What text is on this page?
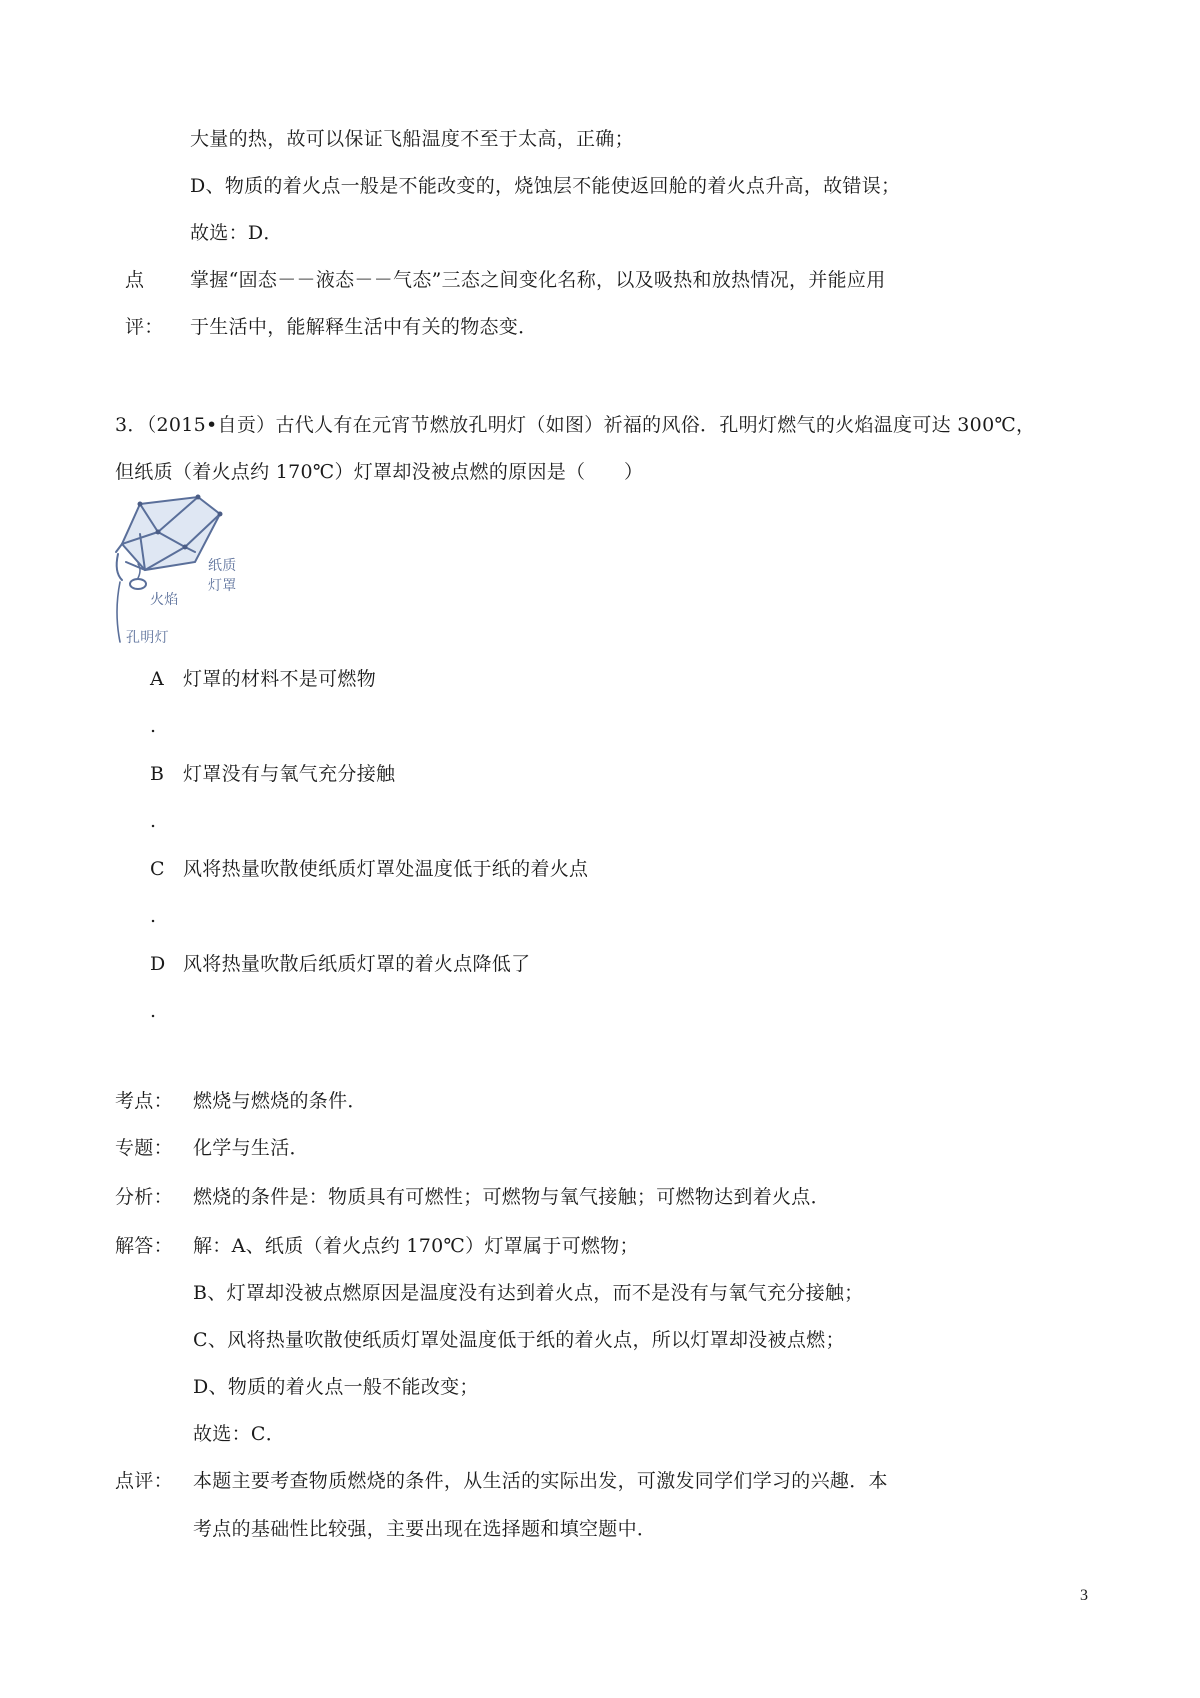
大量的热，故可以保证飞船温度不至于太高，正确；
D、物质的着火点一般是不能改变的，烧蚀层不能使返回舱的着火点升高，故错误；
故选：D．
点 掌握“固态－－液态－－气态”三态之间变化名称，以及吸热和放热情况，并能应用
评： 于生活中，能解释生活中有关的物态变．
3．（2015•自贡）古代人有在元宵节燃放孔明灯（如图）祈福的风俗．孔明灯燃气的火焰温度可达 300℃，
但纸质（着火点约 170℃）灯罩却没被点燃的原因是（　　）
纸质
灯罩
火焰
孔明灯
A 灯罩的材料不是可燃物
.
B 灯罩没有与氧气充分接触
.
C 风将热量吹散使纸质灯罩处温度低于纸的着火点
.
D 风将热量吹散后纸质灯罩的着火点降低了
.
考点： 燃烧与燃烧的条件．
专题： 化学与生活．
分析： 燃烧的条件是：物质具有可燃性；可燃物与氧气接触；可燃物达到着火点．
解答： 解：A、纸质（着火点约 170℃）灯罩属于可燃物；
B、灯罩却没被点燃原因是温度没有达到着火点，而不是没有与氧气充分接触；
C、风将热量吹散使纸质灯罩处温度低于纸的着火点，所以灯罩却没被点燃；
D、物质的着火点一般不能改变；
故选：C．
点评： 本题主要考查物质燃烧的条件，从生活的实际出发，可激发同学们学习的兴趣．本
考点的基础性比较强，主要出现在选择题和填空题中．
3
